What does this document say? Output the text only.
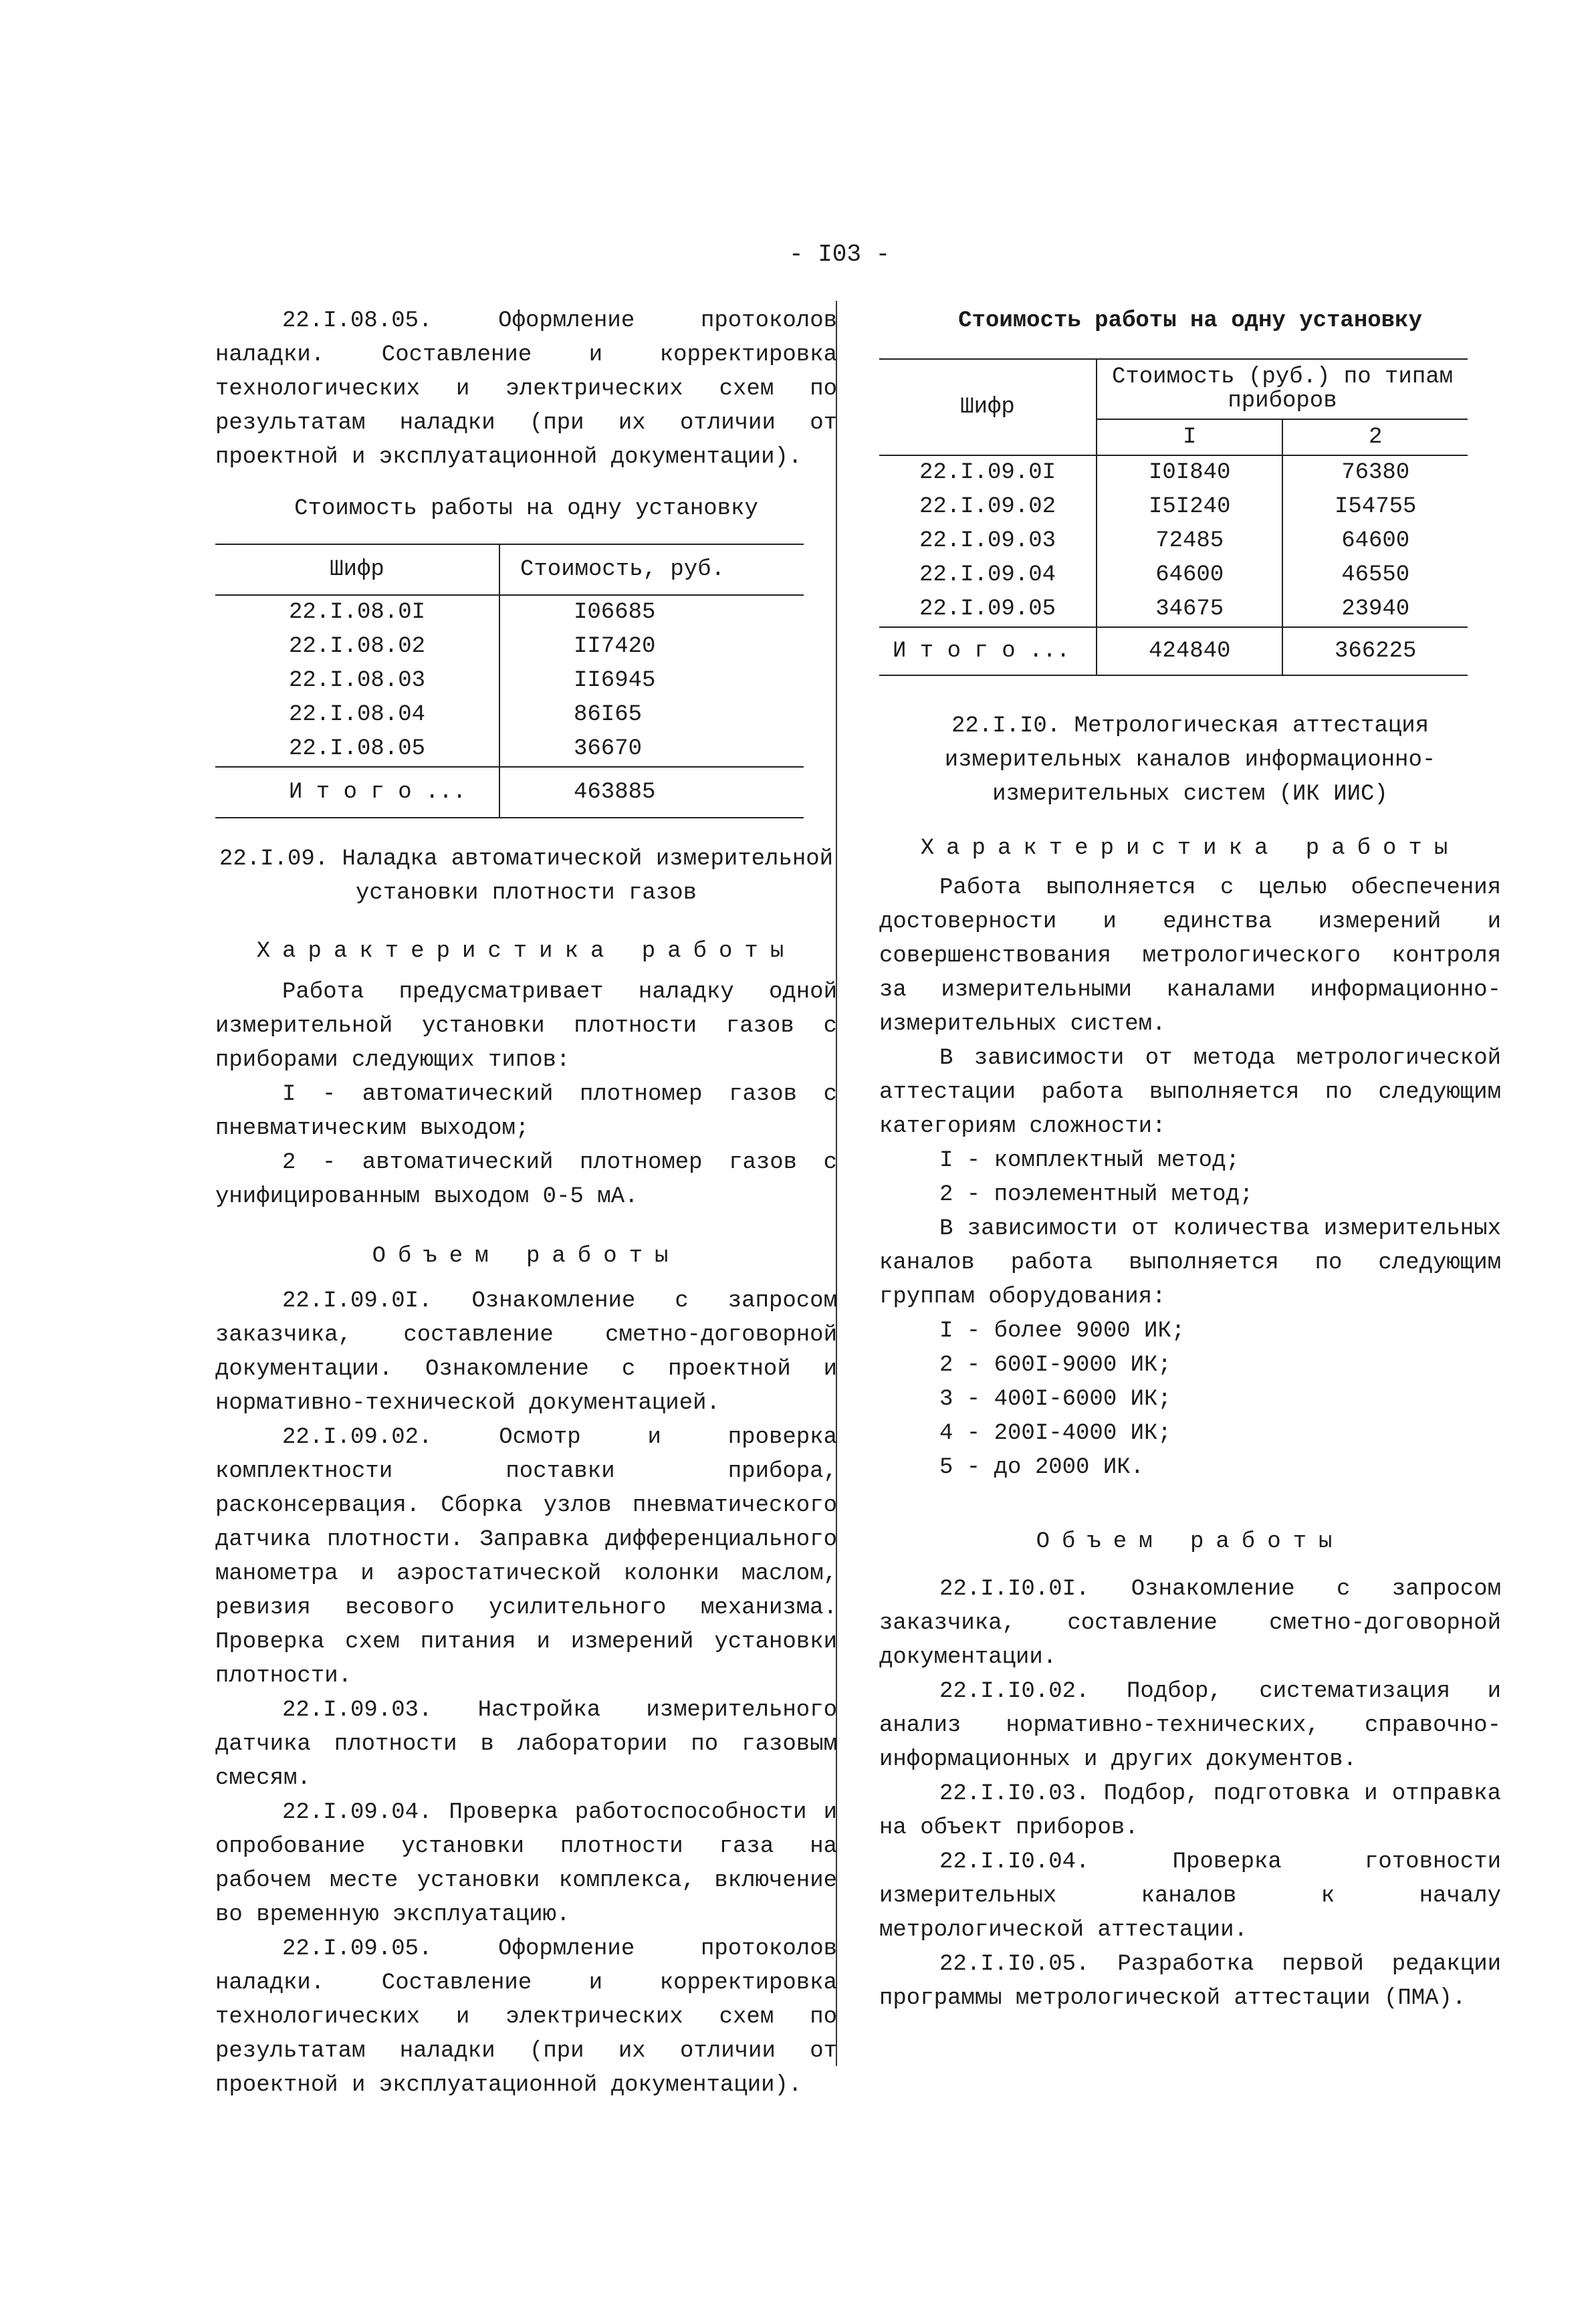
- I03 -

22.I.08.05. Оформление протоколов наладки. Составление и корректировка технологических и электрических схем по результатам наладки (при их отличии от проектной и эксплуатационной документации).

Стоимость работы на одну установку

Шифр	Стоимость, руб.
22.I.08.0I	I06685
22.I.08.02	II7420
22.I.08.03	II6945
22.I.08.04	86I65
22.I.08.05	36670
И т о г о ...	463885

22.I.09. Наладка автоматической измерительной установки плотности газов

Характеристика работы

Работа предусматривает наладку одной измерительной установки плотности газов с приборами следующих типов:

I - автоматический плотномер газов с пневматическим выходом;

2 - автоматический плотномер газов с унифицированным выходом 0-5 мА.

Объем работы

22.I.09.0I. Ознакомление с запросом заказчика, составление сметно-договорной документации. Ознакомление с проектной и нормативно-технической документацией.

22.I.09.02. Осмотр и проверка комплектности поставки прибора, расконсервация. Сборка узлов пневматического датчика плотности. Заправка дифференциального манометра и аэростатической колонки маслом, ревизия весового усилительного механизма. Проверка схем питания и измерений установки плотности.

22.I.09.03. Настройка измерительного датчика плотности в лаборатории по газовым смесям.

22.I.09.04. Проверка работоспособности и опробование установки плотности газа на рабочем месте установки комплекса, включение во временную эксплуатацию.

22.I.09.05. Оформление протоколов наладки. Составление и корректировка технологических и электрических схем по результатам наладки (при их отличии от проектной и эксплуатационной документации).

Стоимость работы на одну установку

Шифр	Стоимость (руб.) по типам приборов	
	I	2
22.I.09.0I	I0I840	76380
22.I.09.02	I5I240	I54755
22.I.09.03	72485	64600
22.I.09.04	64600	46550
22.I.09.05	34675	23940
И т о г о ...	424840	366225

22.I.I0. Метрологическая аттестация измерительных каналов информационно-измерительных систем (ИК ИИС)

Характеристика работы

Работа выполняется с целью обеспечения достоверности и единства измерений и совершенствования метрологического контроля за измерительными каналами информационно-измерительных систем.

В зависимости от метода метрологической аттестации работа выполняется по следующим категориям сложности:

I - комплектный метод;

2 - поэлементный метод;

В зависимости от количества измерительных каналов работа выполняется по следующим группам оборудования:

I - более 9000 ИК;

2 - 600I-9000 ИК;

3 - 400I-6000 ИК;

4 - 200I-4000 ИК;

5 - до 2000 ИК.

Объем работы

22.I.I0.0I. Ознакомление с запросом заказчика, составление сметно-договорной документации.

22.I.I0.02. Подбор, систематизация и анализ нормативно-технических, справочно-информационных и других документов.

22.I.I0.03. Подбор, подготовка и отправка на объект приборов.

22.I.I0.04. Проверка готовности измерительных каналов к началу метрологической аттестации.

22.I.I0.05. Разработка первой редакции программы метрологической аттестации (ПМА).
